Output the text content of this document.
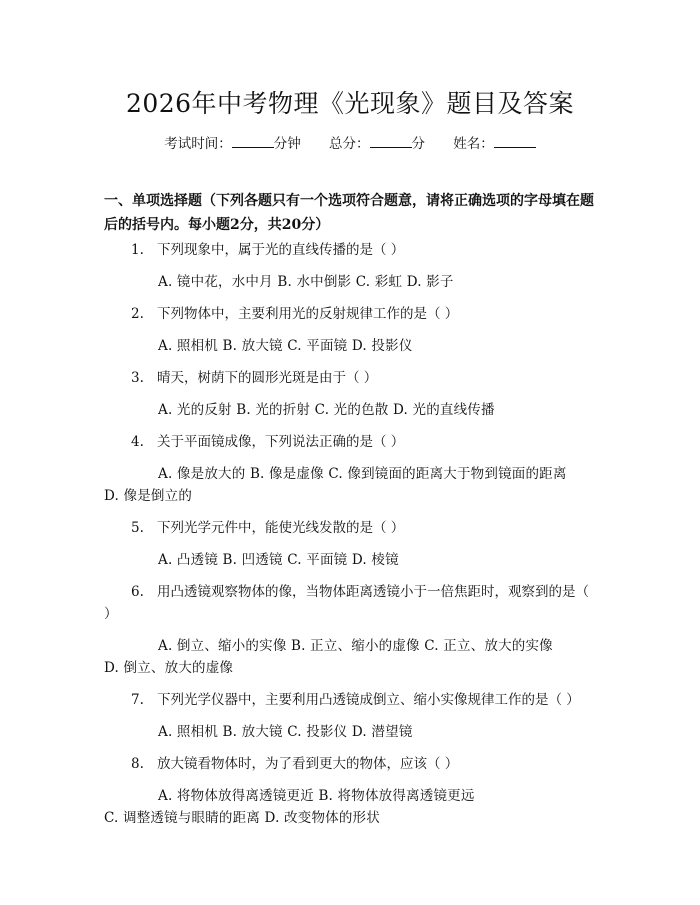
2026年中考物理《光现象》题目及答案
考试时间：	分钟 总分：	分 姓名：

一、单项选择题（下列各题只有一个选项符合题意，请将正确选项的字母填在题后的括号内。每小题2分，共20分）

1. 下列现象中，属于光的直线传播的是（ ）

A. 镜中花，水中月 B. 水中倒影 C. 彩虹 D. 影子

2. 下列物体中，主要利用光的反射规律工作的是（ ）

A. 照相机 B. 放大镜 C. 平面镜 D. 投影仪

3. 晴天，树荫下的圆形光斑是由于（ ）

A. 光的反射 B. 光的折射 C. 光的色散 D. 光的直线传播

4. 关于平面镜成像，下列说法正确的是（ ）

A. 像是放大的 B. 像是虚像 C. 像到镜面的距离大于物到镜面的距离 D. 像是倒立的

5. 下列光学元件中，能使光线发散的是（ ）

A. 凸透镜 B. 凹透镜 C. 平面镜 D. 棱镜

6. 用凸透镜观察物体的像，当物体距离透镜小于一倍焦距时，观察到的是（ ）

A. 倒立、缩小的实像 B. 正立、缩小的虚像 C. 正立、放大的实像 D. 倒立、放大的虚像

7. 下列光学仪器中，主要利用凸透镜成倒立、缩小实像规律工作的是（ ）

A. 照相机 B. 放大镜 C. 投影仪 D. 潜望镜

8. 放大镜看物体时，为了看到更大的物体，应该（ ）

A. 将物体放得离透镜更近 B. 将物体放得离透镜更远 C. 调整透镜与眼睛的距离 D. 改变物体的形状
